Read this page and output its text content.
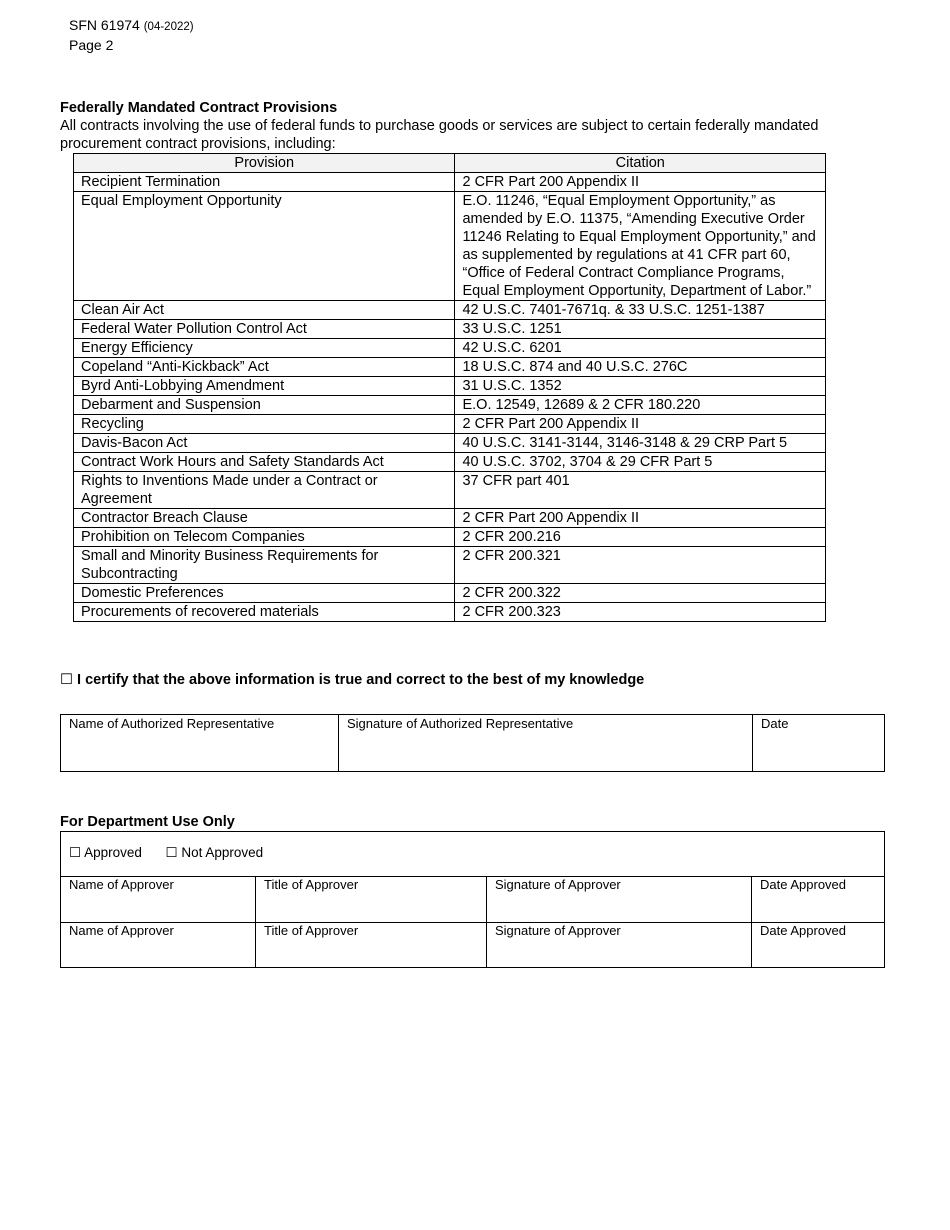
SFN 61974 (04-2022)
Page 2
Federally Mandated Contract Provisions
All contracts involving the use of federal funds to purchase goods or services are subject to certain federally mandated procurement contract provisions, including:
Provision	Citation
Recipient Termination	2 CFR Part 200 Appendix II
Equal Employment Opportunity	E.O. 11246, “Equal Employment Opportunity,” as amended by E.O. 11375, “Amending Executive Order 11246 Relating to Equal Employment Opportunity,” and as supplemented by regulations at 41 CFR part 60, “Office of Federal Contract Compliance Programs, Equal Employment Opportunity, Department of Labor.”
Clean Air Act	42 U.S.C. 7401-7671q. & 33 U.S.C. 1251-1387
Federal Water Pollution Control Act	33 U.S.C. 1251
Energy Efficiency	42 U.S.C. 6201
Copeland “Anti-Kickback” Act	18 U.S.C. 874 and 40 U.S.C. 276C
Byrd Anti-Lobbying Amendment	31 U.S.C. 1352
Debarment and Suspension	E.O. 12549, 12689 & 2 CFR 180.220
Recycling	2 CFR Part 200 Appendix II
Davis-Bacon Act	40 U.S.C. 3141-3144, 3146-3148 & 29 CRP Part 5
Contract Work Hours and Safety Standards Act	40 U.S.C. 3702, 3704 & 29 CFR Part 5
Rights to Inventions Made under a Contract or Agreement	37 CFR part 401
Contractor Breach Clause	2 CFR Part 200 Appendix II
Prohibition on Telecom Companies	2 CFR 200.216
Small and Minority Business Requirements for Subcontracting	2 CFR 200.321
Domestic Preferences	2 CFR 200.322
Procurements of recovered materials	2 CFR 200.323
☐ I certify that the above information is true and correct to the best of my knowledge
Name of Authorized Representative	Signature of Authorized Representative	Date
For Department Use Only
☐ Approved ☐ Not Approved
Name of Approver	Title of Approver	Signature of Approver	Date Approved
Name of Approver	Title of Approver	Signature of Approver	Date Approved
